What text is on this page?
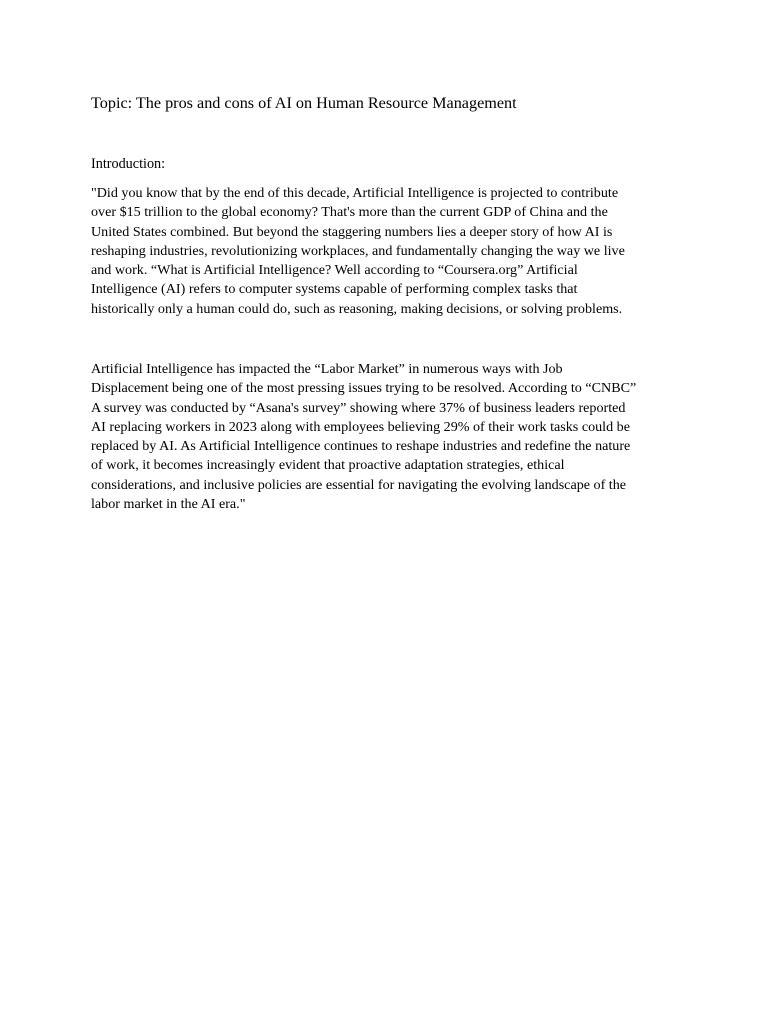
Topic: The pros and cons of AI on Human Resource Management

Introduction:

"Did you know that by the end of this decade, Artificial Intelligence is projected to contribute
over $15 trillion to the global economy? That's more than the current GDP of China and the
United States combined. But beyond the staggering numbers lies a deeper story of how AI is
reshaping industries, revolutionizing workplaces, and fundamentally changing the way we live
and work. “What is Artificial Intelligence? Well according to “Coursera.org” Artificial
Intelligence (AI) refers to computer systems capable of performing complex tasks that
historically only a human could do, such as reasoning, making decisions, or solving problems.

Artificial Intelligence has impacted the “Labor Market” in numerous ways with Job
Displacement being one of the most pressing issues trying to be resolved. According to “CNBC”
A survey was conducted by “Asana's survey” showing where 37% of business leaders reported
AI replacing workers in 2023 along with employees believing 29% of their work tasks could be
replaced by AI. As Artificial Intelligence continues to reshape industries and redefine the nature
of work, it becomes increasingly evident that proactive adaptation strategies, ethical
considerations, and inclusive policies are essential for navigating the evolving landscape of the
labor market in the AI era."
